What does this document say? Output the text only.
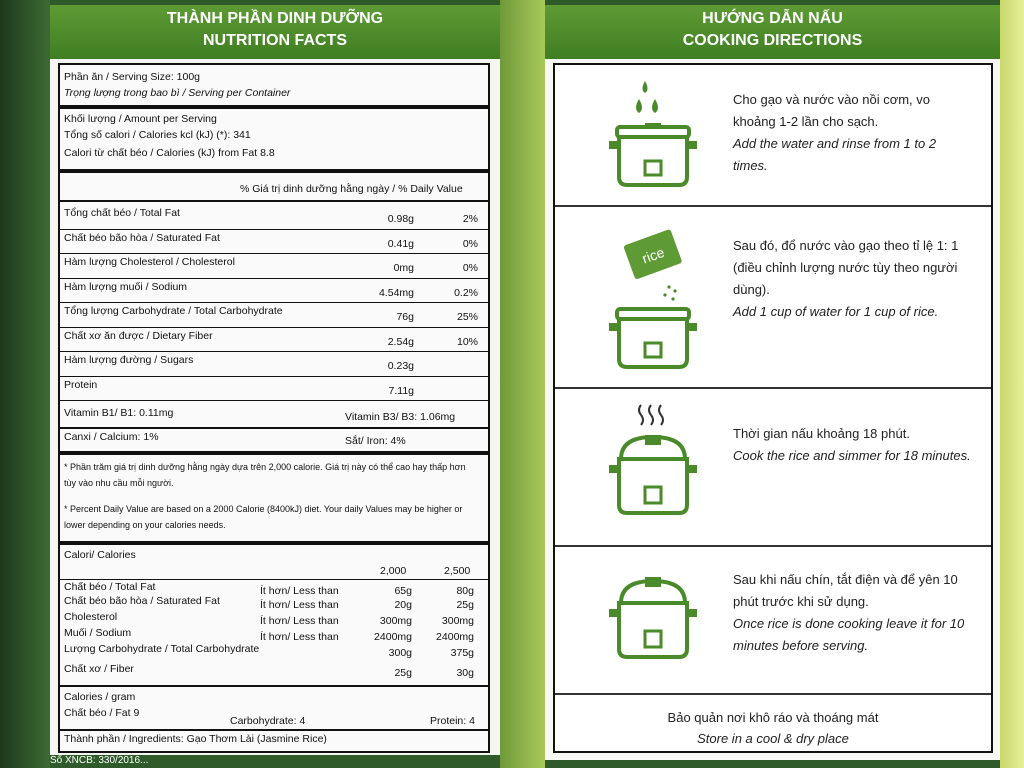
THÀNH PHẦN DINH DƯỠNG
NUTRITION FACTS
Phần ăn / Serving Size: 100g
Trọng lượng trong bao bì / Serving per Container
Khối lượng / Amount per Serving
Tổng số calori / Calories kcl (kJ) (*): 341
Calori từ chất béo / Calories (kJ) from Fat 8.8
% Giá trị dinh dưỡng hằng ngày / % Daily Value
Tổng chất béo / Total Fat	0.98g	2%
Chất béo bão hòa / Saturated Fat	0.41g	0%
Hàm lượng Cholesterol / Cholesterol	0mg	0%
Hàm lượng muối / Sodium	4.54mg	0.2%
Tổng lượng Carbohydrate / Total Carbohydrate	76g	25%
Chất xơ ăn được / Dietary Fiber	2.54g	10%
Hàm lượng đường / Sugars	0.23g
Protein	7.11g
Vitamin B1/ B1: 0.11mg	Vitamin B3/ B3: 1.06mg
Canxi / Calcium: 1%	Sắt/ Iron: 4%
* Phần trăm giá trị dinh dưỡng hằng ngày dựa trên 2,000 calorie. Giá trị này có thể cao hay thấp hơn tùy vào nhu cầu mỗi người.
* Percent Daily Value are based on a 2000 Calorie (8400kJ) diet. Your daily Values may be higher or lower depending on your calories needs.
Calori/ Calories
2,000	2,500
Chất béo / Total Fat	Ít hơn/ Less than	65g	80g
Chất béo bão hòa / Saturated Fat	Ít hơn/ Less than	20g	25g
Cholesterol	Ít hơn/ Less than	300mg	300mg
Muối / Sodium	Ít hơn/ Less than	2400mg	2400mg
Lượng Carbohydrate / Total Carbohydrate	300g	375g
Chất xơ / Fiber	25g	30g
Calories / gram
Chất béo / Fat 9
Carbohydrate: 4	Protein: 4
Thành phần / Ingredients: Gạo Thơm Lài (Jasmine Rice)
HƯỚNG DẪN NẤU
COOKING DIRECTIONS
Cho gạo và nước vào nồi cơm, vo khoảng 1-2 lần cho sạch.
Add the water and rinse from 1 to 2 times.
rice	Sau đó, đổ nước vào gạo theo tỉ lệ 1: 1 (điều chỉnh lượng nước tùy theo người dùng).
Add 1 cup of water for 1 cup of rice.
Thời gian nấu khoảng 18 phút.
Cook the rice and simmer for 18 minutes.
Sau khi nấu chín, tắt điện và để yên 10 phút trước khi sử dụng.
Once rice is done cooking leave it for 10 minutes before serving.
Bảo quản nơi khô ráo và thoáng mát
Store in a cool & dry place
Số XNCB: 330/2016...
